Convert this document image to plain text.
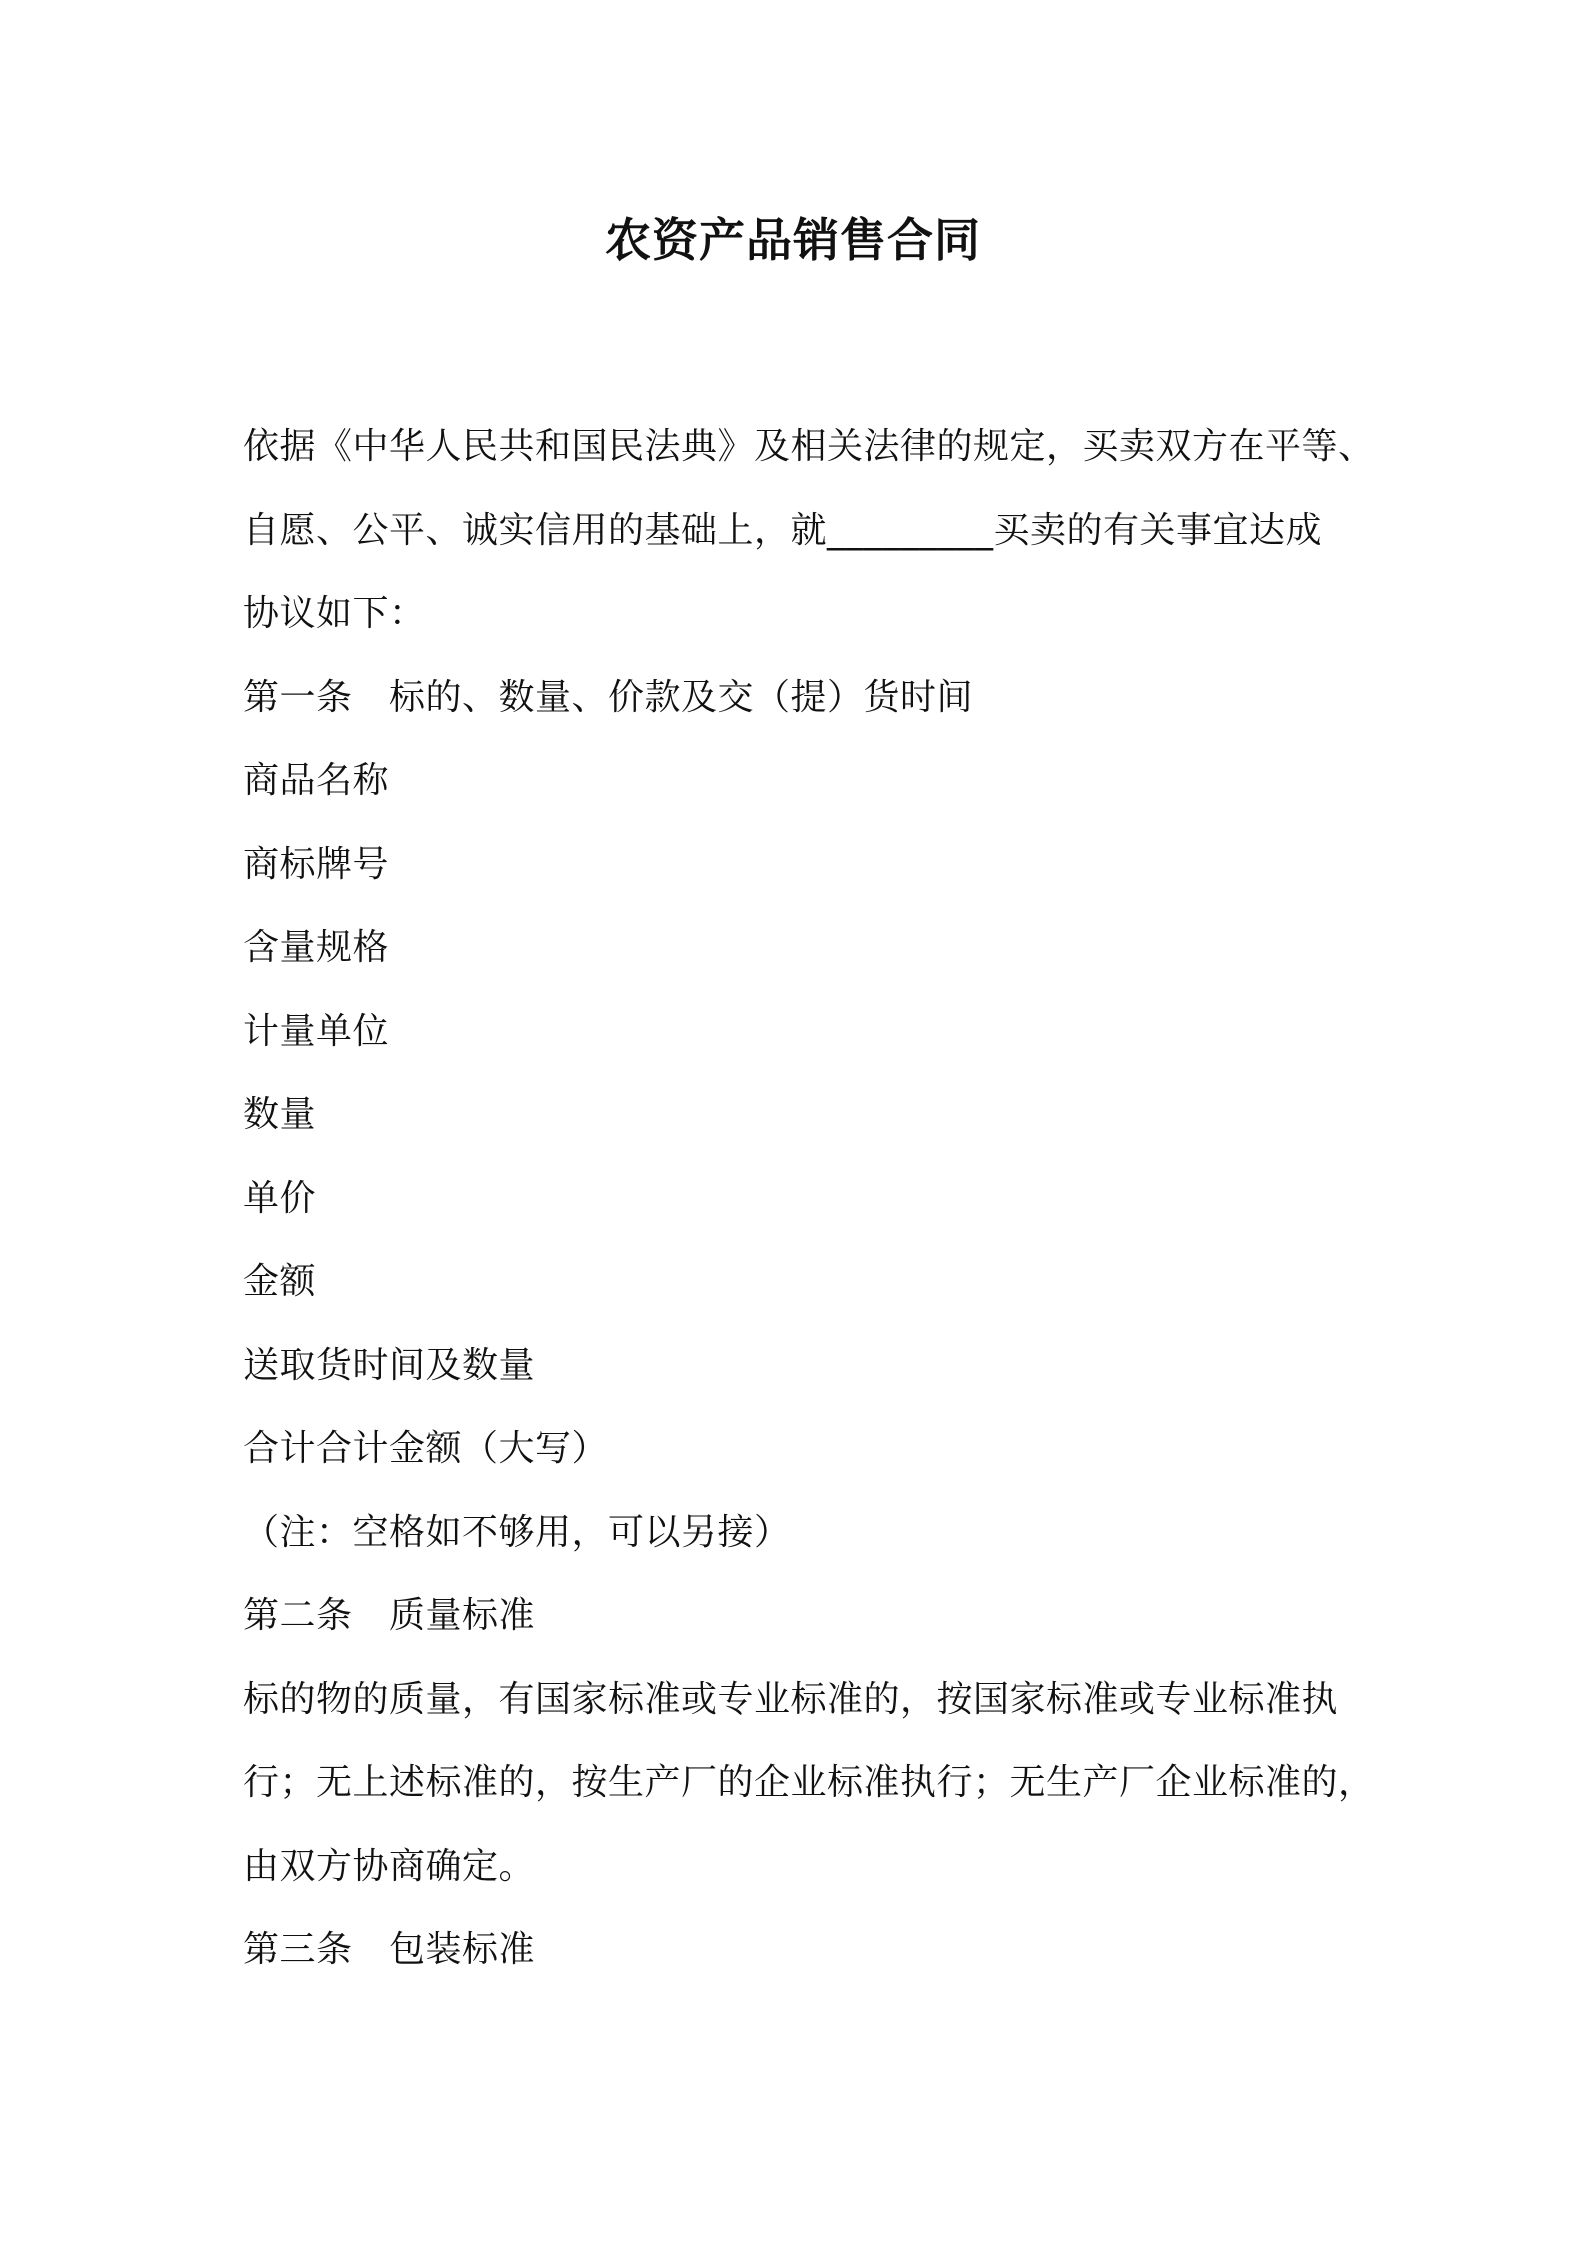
农资产品销售合同
依据《中华人民共和国民法典》及相关法律的规定，买卖双方在平等、
自愿、公平、诚实信用的基础上，就_________买卖的有关事宜达成
协议如下：
第一条　标的、数量、价款及交（提）货时间
商品名称
商标牌号
含量规格
计量单位
数量
单价
金额
送取货时间及数量
合计合计金额（大写）
（注：空格如不够用，可以另接）
第二条　质量标准
标的物的质量，有国家标准或专业标准的，按国家标准或专业标准执
行；无上述标准的，按生产厂的企业标准执行；无生产厂企业标准的，
由双方协商确定。
第三条　包装标准
